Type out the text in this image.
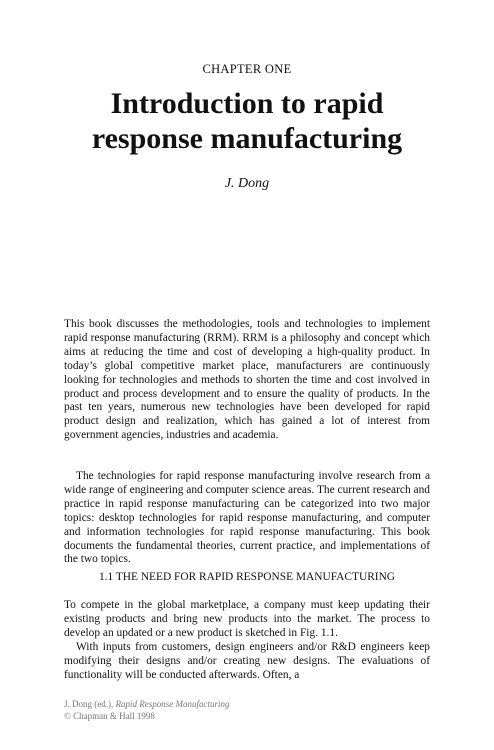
CHAPTER ONE
Introduction to rapid
response manufacturing
J. Dong

This book discusses the methodologies, tools and technologies to implement rapid response manufacturing (RRM). RRM is a philosophy and concept which aims at reducing the time and cost of developing a high-quality product. In today’s global competitive market place, manufacturers are continuously looking for technologies and methods to shorten the time and cost involved in product and process development and to ensure the quality of products. In the past ten years, numerous new technologies have been developed for rapid product design and realization, which has gained a lot of interest from government agencies, industries and academia.

The technologies for rapid response manufacturing involve research from a wide range of engineering and computer science areas. The current research and practice in rapid response manufacturing can be categorized into two major topics: desktop technologies for rapid response manufacturing, and computer and information technologies for rapid response manufacturing. This book documents the fundamental theories, current practice, and implementations of the two topics.

1.1 THE NEED FOR RAPID RESPONSE MANUFACTURING

To compete in the global marketplace, a company must keep updating their existing products and bring new products into the market. The process to develop an updated or a new product is sketched in Fig. 1.1.

With inputs from customers, design engineers and/or R&D engineers keep modifying their designs and/or creating new designs. The evaluations of functionality will be conducted afterwards. Often, a

J. Dong (ed.), Rapid Response Manufacturing
© Chapman & Hall 1998
